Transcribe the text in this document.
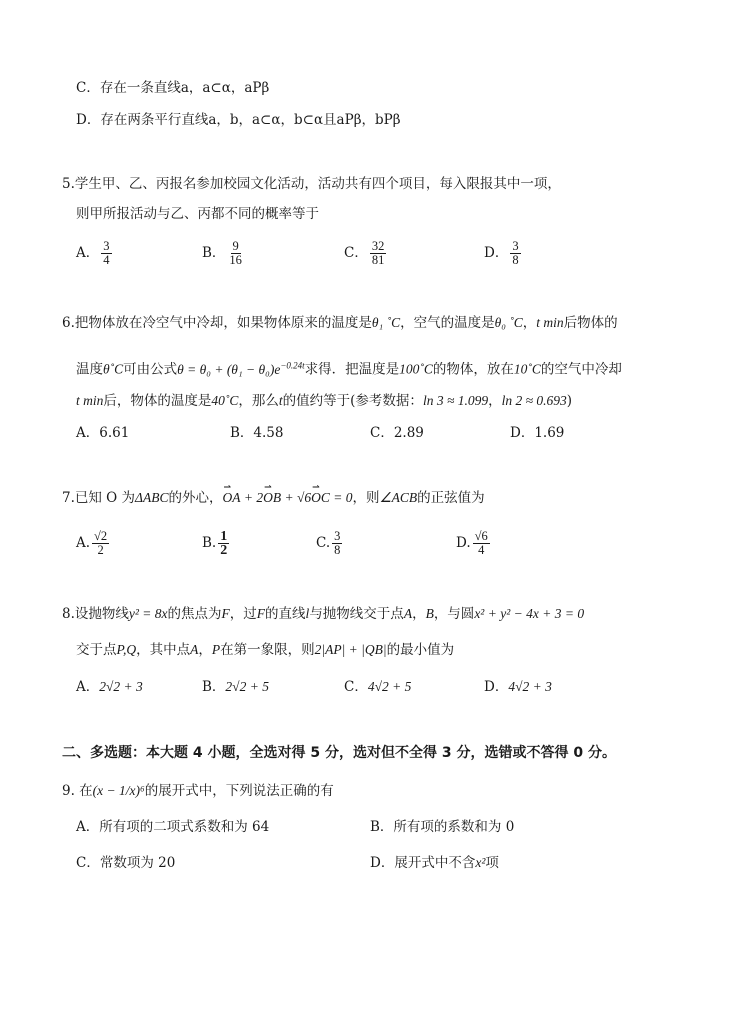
C．存在一条直线a，a⊂α，aPβ
D．存在两条平行直线a，b，a⊂α，b⊂α且aPβ，bPβ
5.学生甲、乙、丙报名参加校园文化活动，活动共有四个项目，每入限报其中一项，
则甲所报活动与乙、丙都不同的概率等于
A． $\frac{3}{4}$	B． $\frac{9}{16}$	C． $\frac{32}{81}$	D． $\frac{3}{8}$
6.把物体放在冷空气中冷却，如果物体原来的温度是θ₁ ˚C，空气的温度是θ₀ ˚C，t min后物体的
温度θ˚C可由公式$\theta = \theta_0 + (\theta_1 - \theta_0)e^{-0.24t}$求得．把温度是100˚C的物体，放在10˚C的空气中冷却
t min后，物体的温度是40˚C，那么t的值约等于(参考数据：ln 3 ≈ 1.099，ln 2 ≈ 0.693)
A．6.61	B．4.58	C．2.89	D．1.69
7.已知 O 为ΔABC的外心，⇀ OA + 2⇀ OB + √6⇀ OC = 0，则∠ACB的正弦值为
A. $\frac{√2}{2}$	B. $\frac{1}{2}$	C. $\frac{3}{8}$	D. $\frac{√6}{4}$
8.设抛物线y² = 8x的焦点为F，过F的直线l与抛物线交于点A，B，与圆x² + y² − 4x + 3 = 0
交于点P,Q，其中点A，P在第一象限，则2|AP| + |QB|的最小值为
A．2√2 + 3	B．2√2 + 5	C．4√2 + 5	D．4√2 + 3
二、多选题：本大题 4 小题，全选对得 5 分，选对但不全得 3 分，选错或不答得 0 分。
9. 在(x − 1/x)⁶的展开式中，下列说法正确的有
A．所有项的二项式系数和为 64	B．所有项的系数和为 0
C．常数项为 20	D．展开式中不含x²项
